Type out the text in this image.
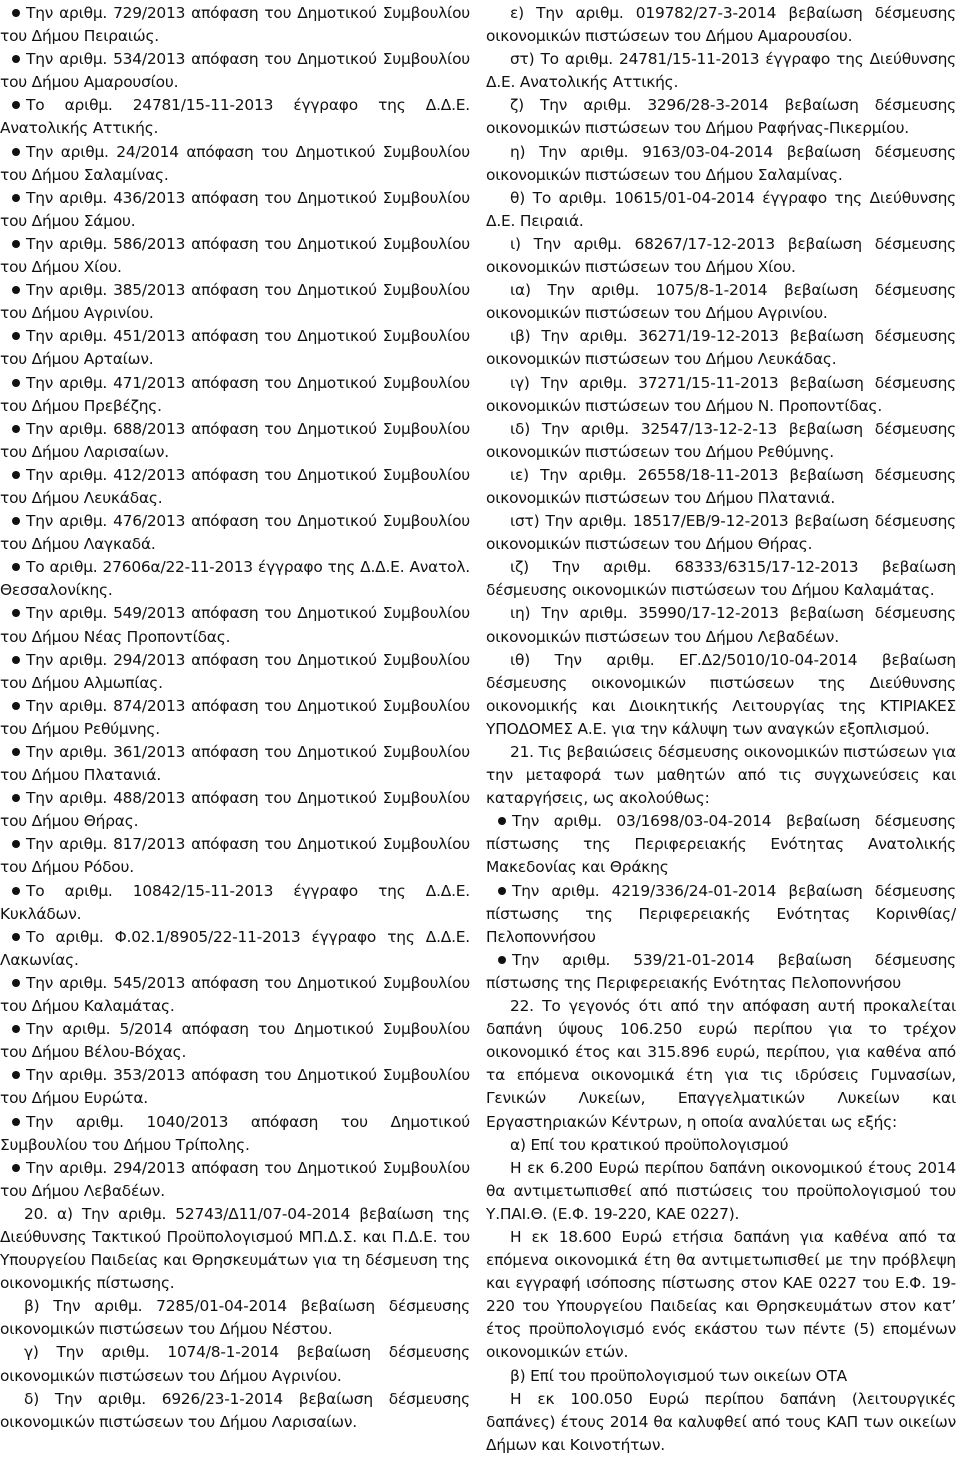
Την αριθμ. 729/2013 απόφαση του Δημοτικού Συμβουλίου του Δήμου Πειραιώς.

Την αριθμ. 534/2013 απόφαση του Δημοτικού Συμβουλίου του Δήμου Αμαρουσίου.

Το αριθμ. 24781/15-11-2013 έγγραφο της Δ.Δ.Ε. Ανατολικής Αττικής.

Την αριθμ. 24/2014 απόφαση του Δημοτικού Συμβουλίου του Δήμου Σαλαμίνας.

Την αριθμ. 436/2013 απόφαση του Δημοτικού Συμβουλίου του Δήμου Σάμου.

Την αριθμ. 586/2013 απόφαση του Δημοτικού Συμβουλίου του Δήμου Χίου.

Την αριθμ. 385/2013 απόφαση του Δημοτικού Συμβουλίου του Δήμου Αγρινίου.

Την αριθμ. 451/2013 απόφαση του Δημοτικού Συμβουλίου του Δήμου Αρταίων.

Την αριθμ. 471/2013 απόφαση του Δημοτικού Συμβουλίου του Δήμου Πρεβέζης.

Την αριθμ. 688/2013 απόφαση του Δημοτικού Συμβουλίου του Δήμου Λαρισαίων.

Την αριθμ. 412/2013 απόφαση του Δημοτικού Συμβουλίου του Δήμου Λευκάδας.

Την αριθμ. 476/2013 απόφαση του Δημοτικού Συμβουλίου του Δήμου Λαγκαδά.

Το αριθμ. 27606α/22-11-2013 έγγραφο της Δ.Δ.Ε. Ανατολ. Θεσσαλονίκης.

Την αριθμ. 549/2013 απόφαση του Δημοτικού Συμβουλίου του Δήμου Νέας Προποντίδας.

Την αριθμ. 294/2013 απόφαση του Δημοτικού Συμβουλίου του Δήμου Αλμωπίας.

Την αριθμ. 874/2013 απόφαση του Δημοτικού Συμβουλίου του Δήμου Ρεθύμνης.

Την αριθμ. 361/2013 απόφαση του Δημοτικού Συμβουλίου του Δήμου Πλατανιά.

Την αριθμ. 488/2013 απόφαση του Δημοτικού Συμβουλίου του Δήμου Θήρας.

Την αριθμ. 817/2013 απόφαση του Δημοτικού Συμβουλίου του Δήμου Ρόδου.

Το αριθμ. 10842/15-11-2013 έγγραφο της Δ.Δ.Ε. Κυκλάδων.

Το αριθμ. Φ.02.1/8905/22-11-2013 έγγραφο της Δ.Δ.Ε. Λακωνίας.

Την αριθμ. 545/2013 απόφαση του Δημοτικού Συμβουλίου του Δήμου Καλαμάτας.

Την αριθμ. 5/2014 απόφαση του Δημοτικού Συμβουλίου του Δήμου Βέλου-Βόχας.

Την αριθμ. 353/2013 απόφαση του Δημοτικού Συμβουλίου του Δήμου Ευρώτα.

Την αριθμ. 1040/2013 απόφαση του Δημοτικού Συμβουλίου του Δήμου Τρίπολης.

Την αριθμ. 294/2013 απόφαση του Δημοτικού Συμβουλίου του Δήμου Λεβαδέων.

20. α) Την αριθμ. 52743/Δ11/07-04-2014 βεβαίωση της Διεύθυνσης Τακτικού Προϋπολογισμού ΜΠ.Δ.Σ. και Π.Δ.Ε. του Υπουργείου Παιδείας και Θρησκευμάτων για τη δέσμευση της οικονομικής πίστωσης.

β) Την αριθμ. 7285/01-04-2014 βεβαίωση δέσμευσης οικονομικών πιστώσεων του Δήμου Νέστου.

γ) Την αριθμ. 1074/8-1-2014 βεβαίωση δέσμευσης οικονομικών πιστώσεων του Δήμου Αγρινίου.

δ) Την αριθμ. 6926/23-1-2014 βεβαίωση δέσμευσης οικονομικών πιστώσεων του Δήμου Λαρισαίων.

ε) Την αριθμ. 019782/27-3-2014 βεβαίωση δέσμευσης οικονομικών πιστώσεων του Δήμου Αμαρουσίου.

στ) Το αριθμ. 24781/15-11-2013 έγγραφο της Διεύθυνσης Δ.Ε. Ανατολικής Αττικής.

ζ) Την αριθμ. 3296/28-3-2014 βεβαίωση δέσμευσης οικονομικών πιστώσεων του Δήμου Ραφήνας-Πικερμίου.

η) Την αριθμ. 9163/03-04-2014 βεβαίωση δέσμευσης οικονομικών πιστώσεων του Δήμου Σαλαμίνας.

θ) Το αριθμ. 10615/01-04-2014 έγγραφο της Διεύθυνσης Δ.Ε. Πειραιά.

ι) Την αριθμ. 68267/17-12-2013 βεβαίωση δέσμευσης οικονομικών πιστώσεων του Δήμου Χίου.

ια) Την αριθμ. 1075/8-1-2014 βεβαίωση δέσμευσης οικονομικών πιστώσεων του Δήμου Αγρινίου.

ιβ) Την αριθμ. 36271/19-12-2013 βεβαίωση δέσμευσης οικονομικών πιστώσεων του Δήμου Λευκάδας.

ιγ) Την αριθμ. 37271/15-11-2013 βεβαίωση δέσμευσης οικονομικών πιστώσεων του Δήμου Ν. Προποντίδας.

ιδ) Την αριθμ. 32547/13-12-2-13 βεβαίωση δέσμευσης οικονομικών πιστώσεων του Δήμου Ρεθύμνης.

ιε) Την αριθμ. 26558/18-11-2013 βεβαίωση δέσμευσης οικονομικών πιστώσεων του Δήμου Πλατανιά.

ιστ) Την αριθμ. 18517/ΕΒ/9-12-2013 βεβαίωση δέσμευσης οικονομικών πιστώσεων του Δήμου Θήρας.

ιζ) Την αριθμ. 68333/6315/17-12-2013 βεβαίωση δέσμευσης οικονομικών πιστώσεων του Δήμου Καλαμάτας.

ιη) Την αριθμ. 35990/17-12-2013 βεβαίωση δέσμευσης οικονομικών πιστώσεων του Δήμου Λεβαδέων.

ιθ) Την αριθμ. ΕΓ.Δ2/5010/10-04-2014 βεβαίωση δέσμευσης οικονομικών πιστώσεων της Διεύθυνσης οικονομικής και Διοικητικής Λειτουργίας της ΚΤΙΡΙΑΚΕΣ ΥΠΟΔΟΜΕΣ Α.Ε. για την κάλυψη των αναγκών εξοπλισμού.

21. Τις βεβαιώσεις δέσμευσης οικονομικών πιστώσεων για την μεταφορά των μαθητών από τις συγχωνεύσεις και καταργήσεις, ως ακολούθως:

Την αριθμ. 03/1698/03-04-2014 βεβαίωση δέσμευσης πίστωσης της Περιφερειακής Ενότητας Ανατολικής Μακεδονίας και Θράκης

Την αριθμ. 4219/336/24-01-2014 βεβαίωση δέσμευσης πίστωσης της Περιφερειακής Ενότητας Κορινθίας/Πελοποννήσου

Την αριθμ. 539/21-01-2014 βεβαίωση δέσμευσης πίστωσης της Περιφερειακής Ενότητας Πελοποννήσου

22. Το γεγονός ότι από την απόφαση αυτή προκαλείται δαπάνη ύψους 106.250 ευρώ περίπου για το τρέχον οικονομικό έτος και 315.896 ευρώ, περίπου, για καθένα από τα επόμενα οικονομικά έτη για τις ιδρύσεις Γυμνασίων, Γενικών Λυκείων, Επαγγελματικών Λυκείων και Εργαστηριακών Κέντρων, η οποία αναλύεται ως εξής:

α) Επί του κρατικού προϋπολογισμού

Η εκ 6.200 Ευρώ περίπου δαπάνη οικονομικού έτους 2014 θα αντιμετωπισθεί από πιστώσεις του προϋπολογισμού του Υ.ΠΑΙ.Θ. (Ε.Φ. 19-220, ΚΑΕ 0227).

Η εκ 18.600 Ευρώ ετήσια δαπάνη για καθένα από τα επόμενα οικονομικά έτη θα αντιμετωπισθεί με την πρόβλεψη και εγγραφή ισόποσης πίστωσης στον ΚΑΕ 0227 του Ε.Φ. 19-220 του Υπουργείου Παιδείας και Θρησκευμάτων στον κατ’ έτος προϋπολογισμό ενός εκάστου των πέντε (5) επομένων οικονομικών ετών.

β) Επί του προϋπολογισμού των οικείων ΟΤΑ

Η εκ 100.050 Ευρώ περίπου δαπάνη (λειτουργικές δαπάνες) έτους 2014 θα καλυφθεί από τους ΚΑΠ των οικείων Δήμων και Κοινοτήτων.
